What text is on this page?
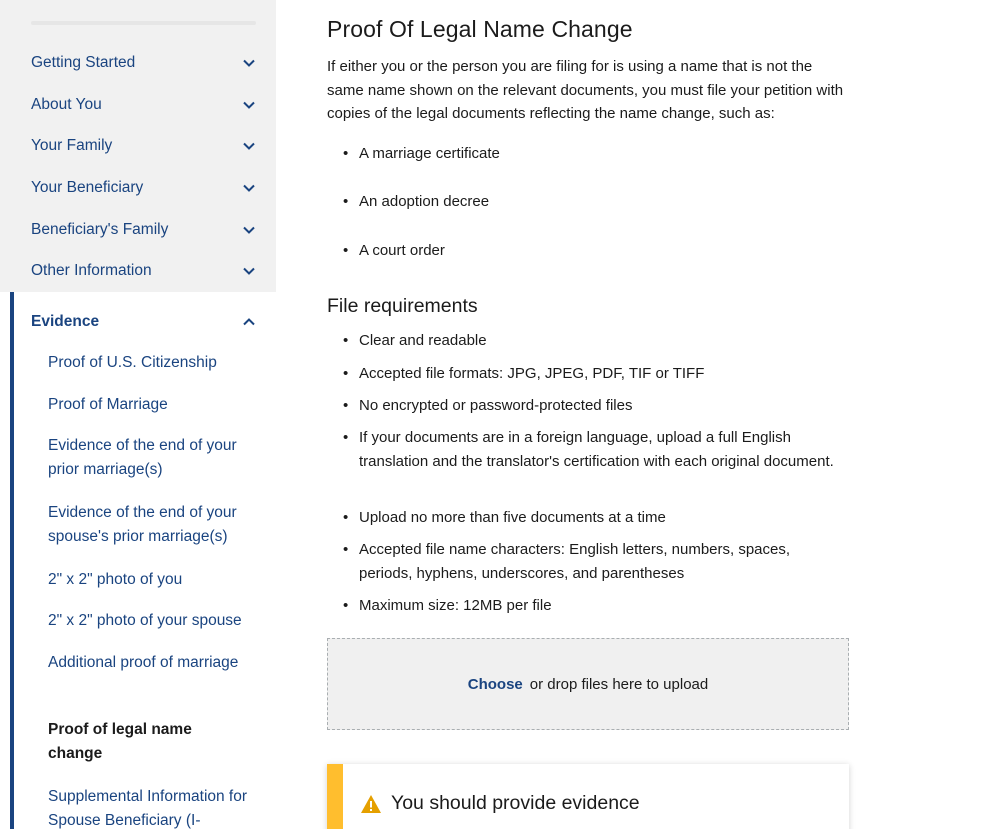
Getting Started
About You
Your Family
Your Beneficiary
Beneficiary's Family
Other Information
Evidence
Proof of U.S. Citizenship
Proof of Marriage
Evidence of the end of your prior marriage(s)
Evidence of the end of your spouse's prior marriage(s)
2" x 2" photo of you
2" x 2" photo of your spouse
Additional proof of marriage
Proof of legal name change
Supplemental Information for Spouse Beneficiary (I-
Proof Of Legal Name Change

If either you or the person you are filing for is using a name that is not the same name shown on the relevant documents, you must file your petition with copies of the legal documents reflecting the name change, such as:

• A marriage certificate
• An adoption decree
• A court order
File requirements
• Clear and readable
• Accepted file formats: JPG, JPEG, PDF, TIF or TIFF
• No encrypted or password-protected files
• If your documents are in a foreign language, upload a full English translation and the translator's certification with each original document.
• Upload no more than five documents at a time
• Accepted file name characters: English letters, numbers, spaces, periods, hyphens, underscores, and parentheses
• Maximum size: 12MB per file
Choose or drop files here to upload
You should provide evidence
